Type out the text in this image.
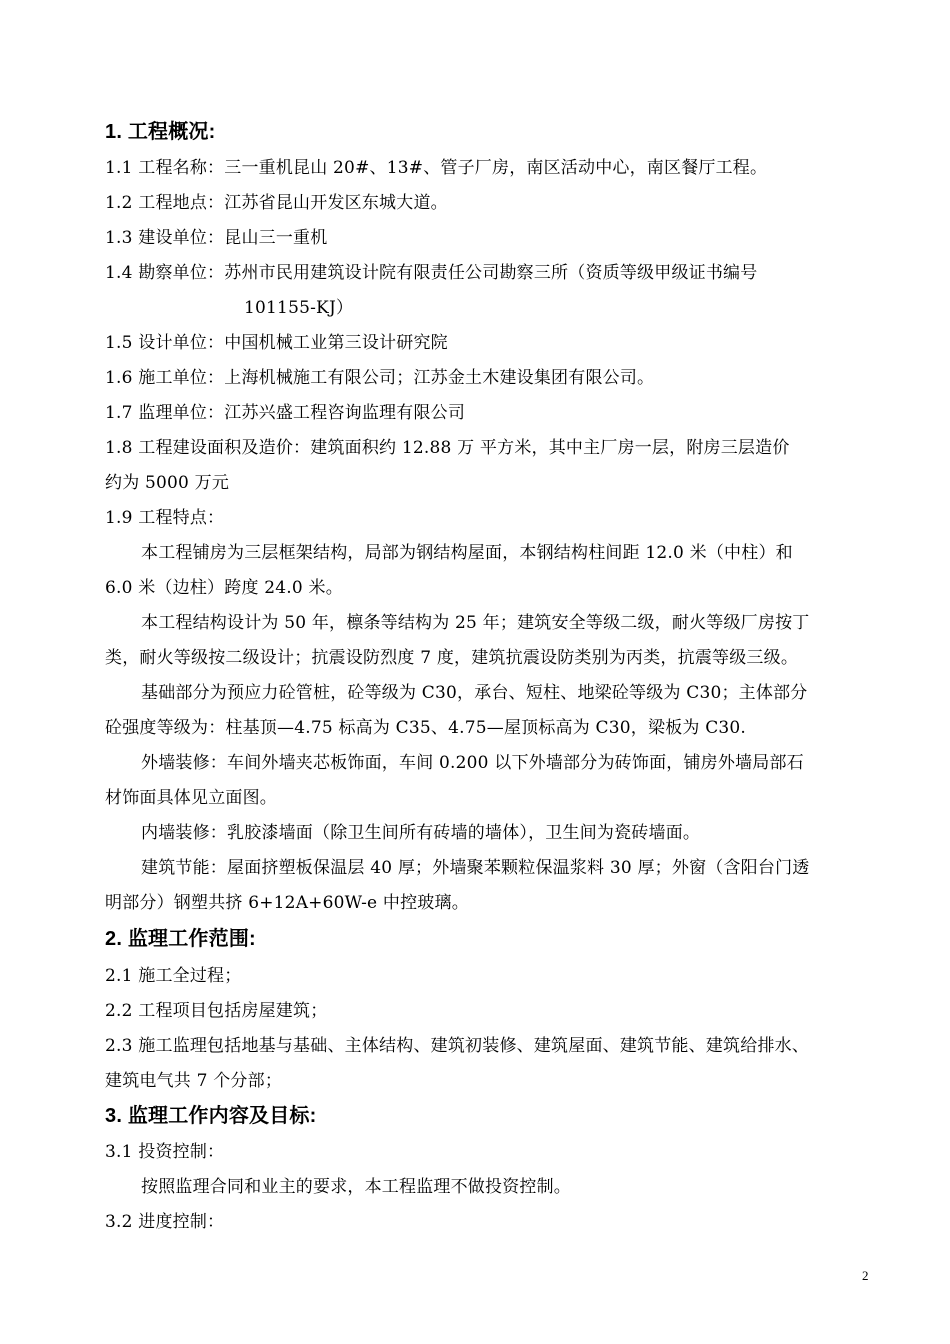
1. 工程概况:
1.1 工程名称：三一重机昆山 20#、13#、管子厂房，南区活动中心，南区餐厅工程。
1.2 工程地点：江苏省昆山开发区东城大道。
1.3 建设单位：昆山三一重机
1.4 勘察单位：苏州市民用建筑设计院有限责任公司勘察三所（资质等级甲级证书编号
101155-KJ）
1.5 设计单位：中国机械工业第三设计研究院
1.6 施工单位：上海机械施工有限公司；江苏金土木建设集团有限公司。
1.7 监理单位：江苏兴盛工程咨询监理有限公司
1.8 工程建设面积及造价：建筑面积约 12.88 万 平方米，其中主厂房一层，附房三层造价
约为 5000 万元
1.9 工程特点：
本工程铺房为三层框架结构，局部为钢结构屋面，本钢结构柱间距 12.0 米（中柱）和
6.0 米（边柱）跨度 24.0 米。
本工程结构设计为 50 年，檩条等结构为 25 年；建筑安全等级二级，耐火等级厂房按丁
类，耐火等级按二级设计；抗震设防烈度 7 度，建筑抗震设防类别为丙类，抗震等级三级。
基础部分为预应力砼管桩，砼等级为 C30，承台、短柱、地梁砼等级为 C30；主体部分
砼强度等级为：柱基顶—4.75 标高为 C35、4.75—屋顶标高为 C30，梁板为 C30.
外墙装修：车间外墙夹芯板饰面，车间 0.200 以下外墙部分为砖饰面，铺房外墙局部石
材饰面具体见立面图。
内墙装修：乳胶漆墙面（除卫生间所有砖墙的墙体），卫生间为瓷砖墙面。
建筑节能：屋面挤塑板保温层 40 厚；外墙聚苯颗粒保温浆料 30 厚；外窗（含阳台门透
明部分）钢塑共挤 6+12A+60W-e 中控玻璃。
2. 监理工作范围:
2.1 施工全过程；
2.2 工程项目包括房屋建筑；
2.3 施工监理包括地基与基础、主体结构、建筑初装修、建筑屋面、建筑节能、建筑给排水、
建筑电气共 7 个分部；
3. 监理工作内容及目标:
3.1 投资控制：
按照监理合同和业主的要求，本工程监理不做投资控制。
3.2 进度控制：
2
